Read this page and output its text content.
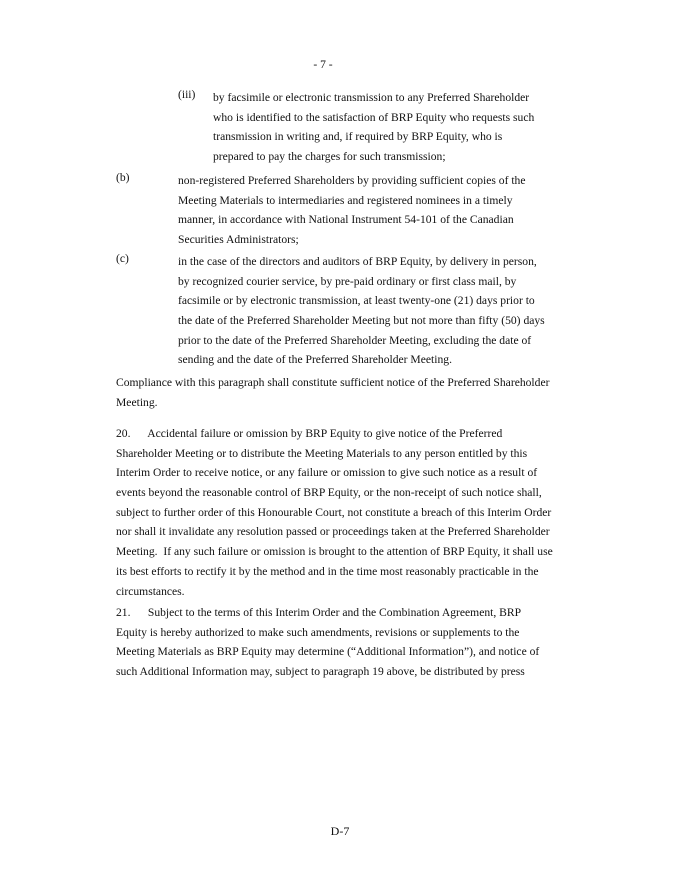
- 7 -
(iii) by facsimile or electronic transmission to any Preferred Shareholder
who is identified to the satisfaction of BRP Equity who requests such
transmission in writing and, if required by BRP Equity, who is
prepared to pay the charges for such transmission;
(b)	non-registered Preferred Shareholders by providing sufficient copies of the
Meeting Materials to intermediaries and registered nominees in a timely
manner, in accordance with National Instrument 54-101 of the Canadian
Securities Administrators;
(c)	in the case of the directors and auditors of BRP Equity, by delivery in person,
by recognized courier service, by pre-paid ordinary or first class mail, by
facsimile or by electronic transmission, at least twenty-one (21) days prior to
the date of the Preferred Shareholder Meeting but not more than fifty (50) days
prior to the date of the Preferred Shareholder Meeting, excluding the date of
sending and the date of the Preferred Shareholder Meeting.
Compliance with this paragraph shall constitute sufficient notice of the Preferred Shareholder
Meeting.
20.      Accidental failure or omission by BRP Equity to give notice of the Preferred
Shareholder Meeting or to distribute the Meeting Materials to any person entitled by this
Interim Order to receive notice, or any failure or omission to give such notice as a result of
events beyond the reasonable control of BRP Equity, or the non-receipt of such notice shall,
subject to further order of this Honourable Court, not constitute a breach of this Interim Order
nor shall it invalidate any resolution passed or proceedings taken at the Preferred Shareholder
Meeting.  If any such failure or omission is brought to the attention of BRP Equity, it shall use
its best efforts to rectify it by the method and in the time most reasonably practicable in the
circumstances.
21.      Subject to the terms of this Interim Order and the Combination Agreement, BRP
Equity is hereby authorized to make such amendments, revisions or supplements to the
Meeting Materials as BRP Equity may determine (“Additional Information”), and notice of
such Additional Information may, subject to paragraph 19 above, be distributed by press
D-7
